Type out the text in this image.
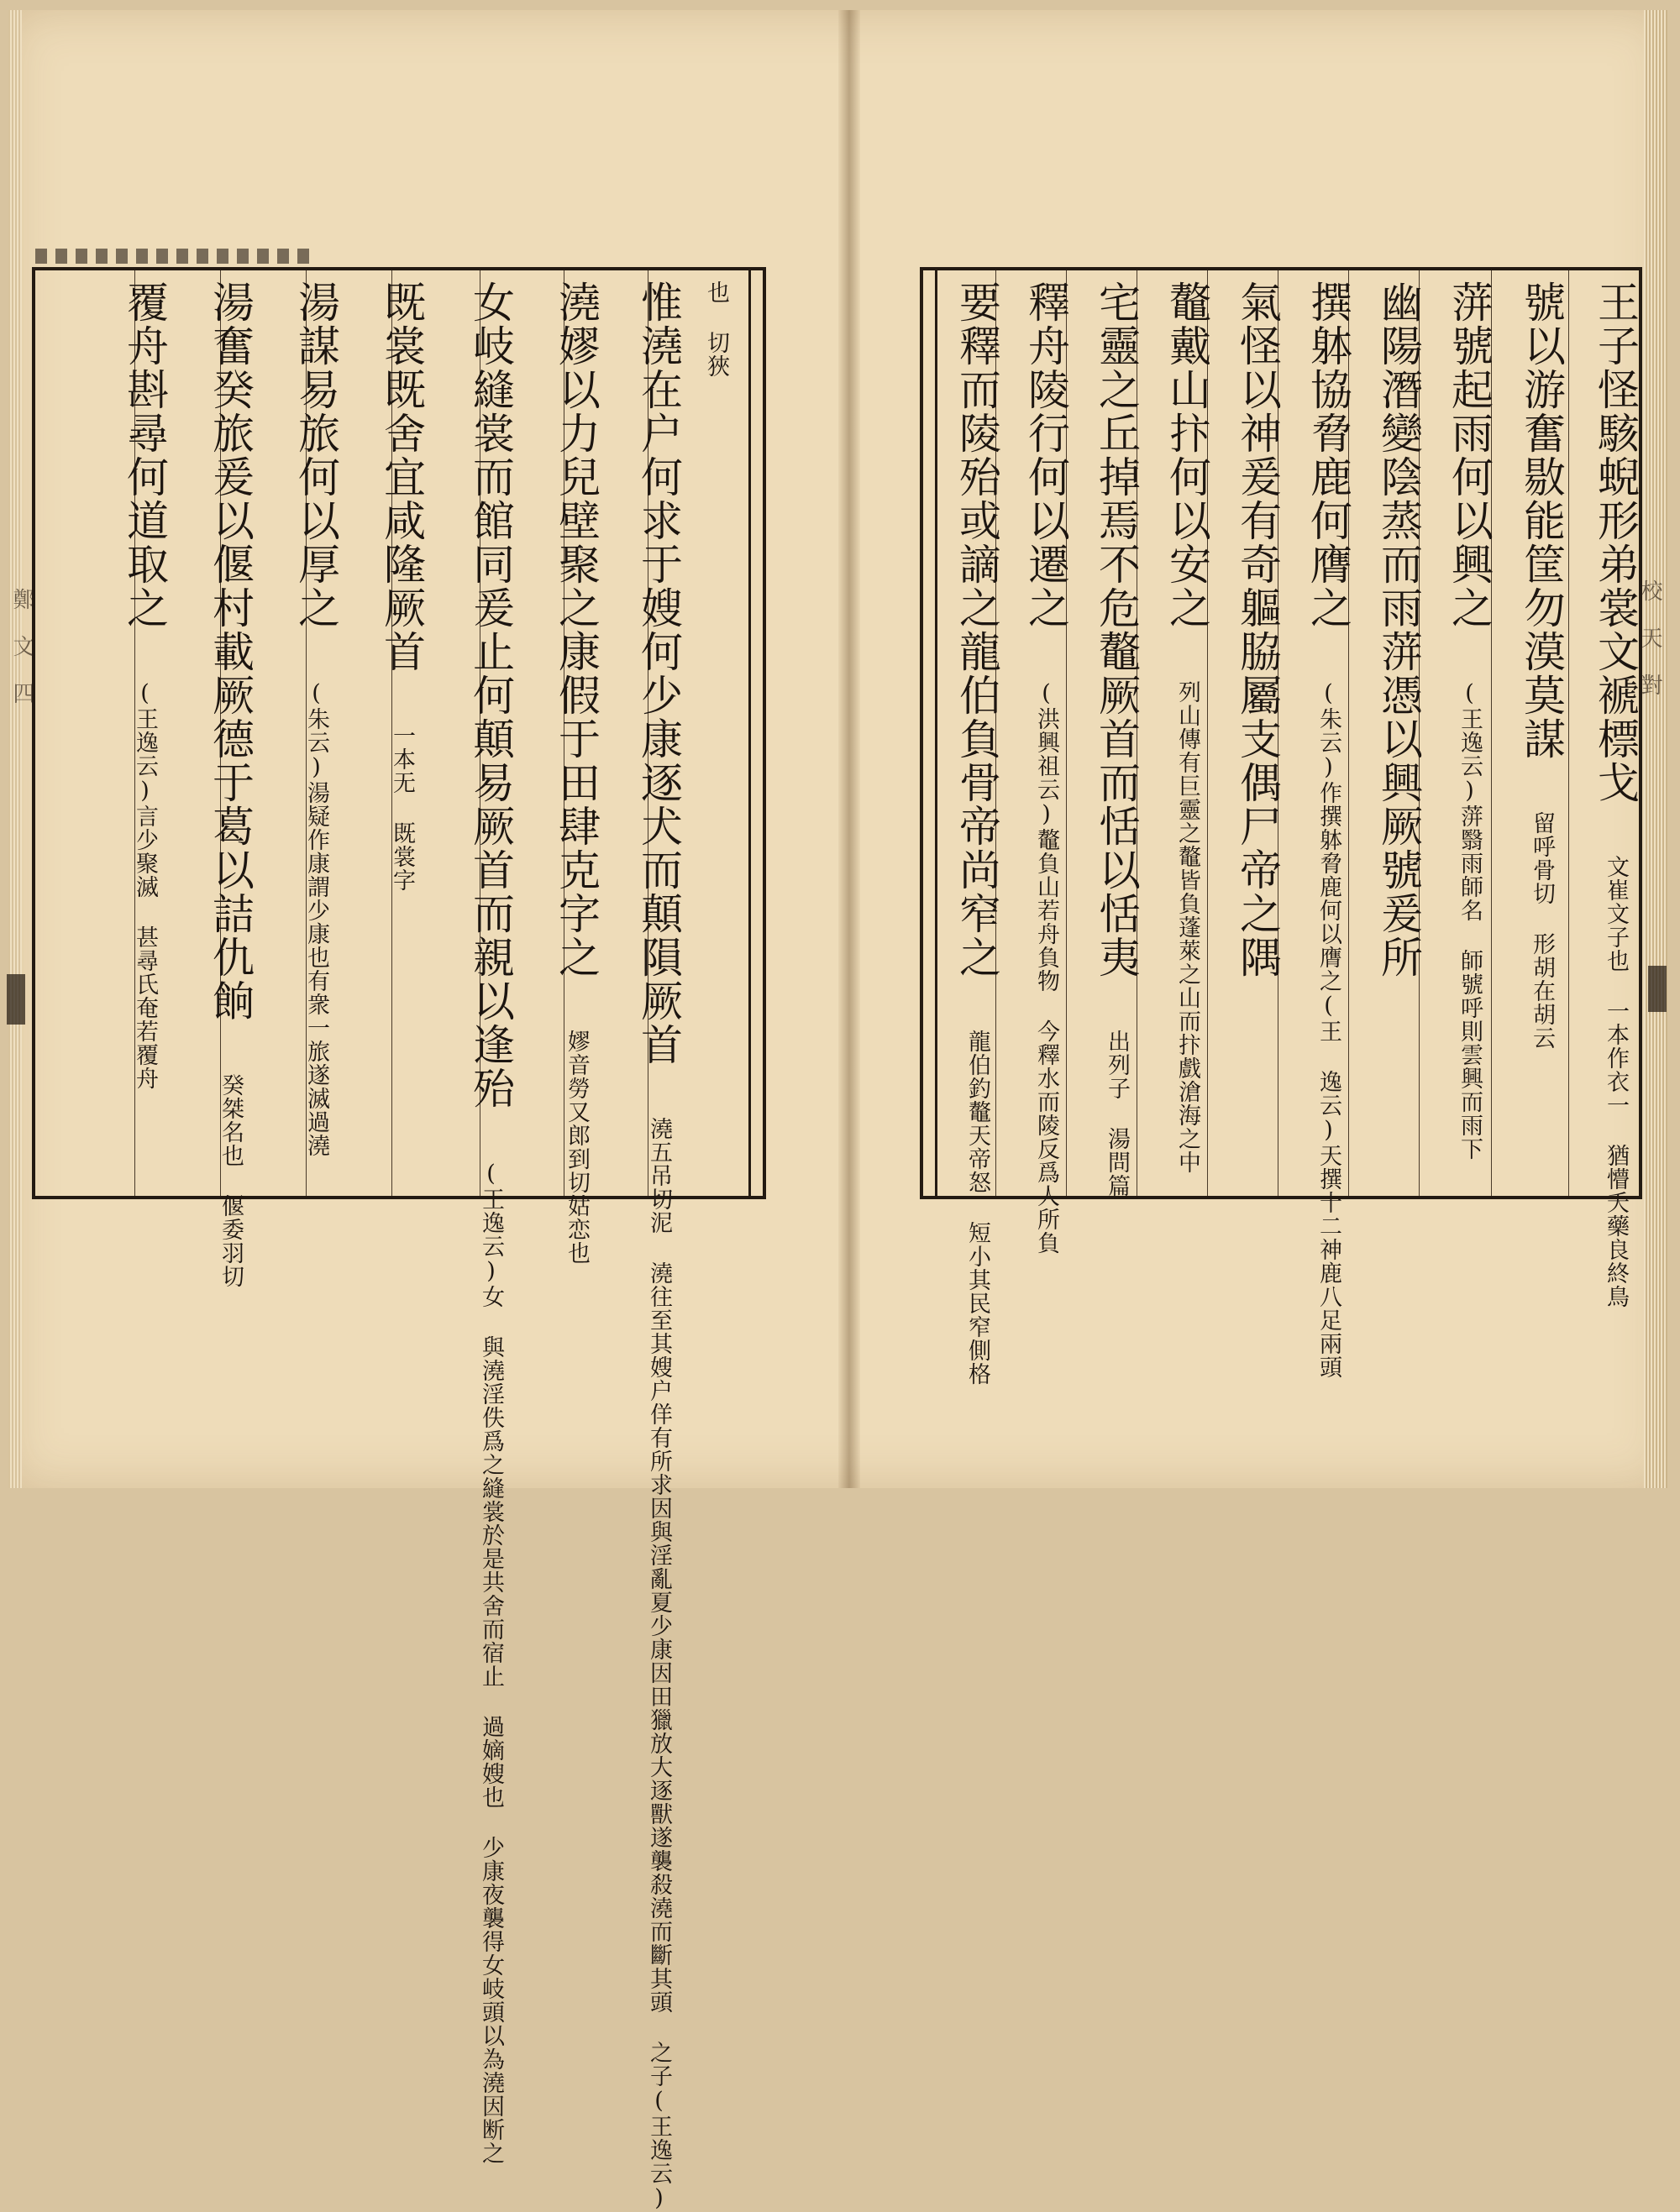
鄭 文 四	校 天 對
也 切狹
惟澆在户何求于嫂何少康逐犬而顛隕厥首 澆五吊切泥 澆往至其嫂户佯有所求因與淫亂夏少康因田獵放大逐獸遂襲殺澆而斷其頭 之子(王逸云)
澆嫪以力兒壁聚之康假于田肆克字之 嫪音勞又郎到切姑恋也
女岐縫裳而館同爰止何顛易厥首而親以逢殆 (王逸云)女 與澆淫佚爲之縫裳於是共舍而宿止 過嫡嫂也 少康夜襲得女岐頭以為澆因断之
既裳既舍宜咸隆厥首 一本无 既裳字
湯謀易旅何以厚之 (朱云)湯疑作康謂少康也有衆一旅遂滅過澆
湯奮癸旅爰以偃村載厥德于葛以詰仇餉 癸桀名也 偃委羽切
覆舟斟尋何道取之 (王逸云)言少聚滅 甚尋氏奄若覆舟
王子怪駭蜺形弟裳文褫標戈 文崔文子也 一本作衣一 猶懵夭藥良終鳥
號以游奮敭能筐勿漠莫謀 留呼骨切 形胡在胡云
蓱號起雨何以興之 (王逸云)蓱翳雨師名 師號呼則雲興而雨下
幽陽潛變陰蒸而雨蓱憑以興厥號爰所
撰躰協脅鹿何膺之 (朱云)作撰躰脅鹿何以膺之(王 逸云)天撰十二神鹿八足兩頭
氣怪以神爰有奇軀脇屬支偶尸帝之隅
鼇戴山抃何以安之 列山傳有巨靈之鼇皆負蓬萊之山而抃戲滄海之中
宅靈之丘掉焉不危鼇厥首而恬以恬夷 出列子 湯問篇
釋舟陵行何以遷之 (洪興祖云)鼇負山若舟負物 今釋水而陵反爲人所負
要釋而陵殆或謫之龍伯負骨帝尚窄之 龍伯釣鼇天帝怒 短小其民窄側格
